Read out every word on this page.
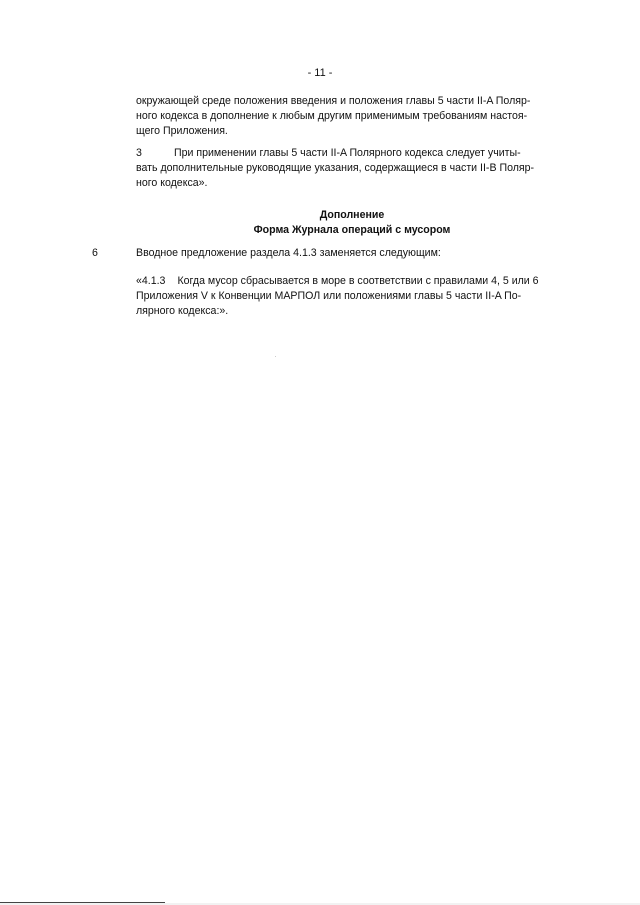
- 11 -
окружающей среде положения введения и положения главы 5 части II-A Поляр-
ного кодекса в дополнение к любым другим применимым требованиям настоя-
щего Приложения.
3	При применении главы 5 части II-A Полярного кодекса следует учиты-
вать дополнительные руководящие указания, содержащиеся в части II-B Поляр-
ного кодекса».
Дополнение
Форма Журнала операций с мусором
6	Вводное предложение раздела 4.1.3 заменяется следующим:
«4.1.3 Когда мусор сбрасывается в море в соответствии с правилами 4, 5 или 6
Приложения V к Конвенции МАРПОЛ или положениями главы 5 части II-A По-
лярного кодекса:».
